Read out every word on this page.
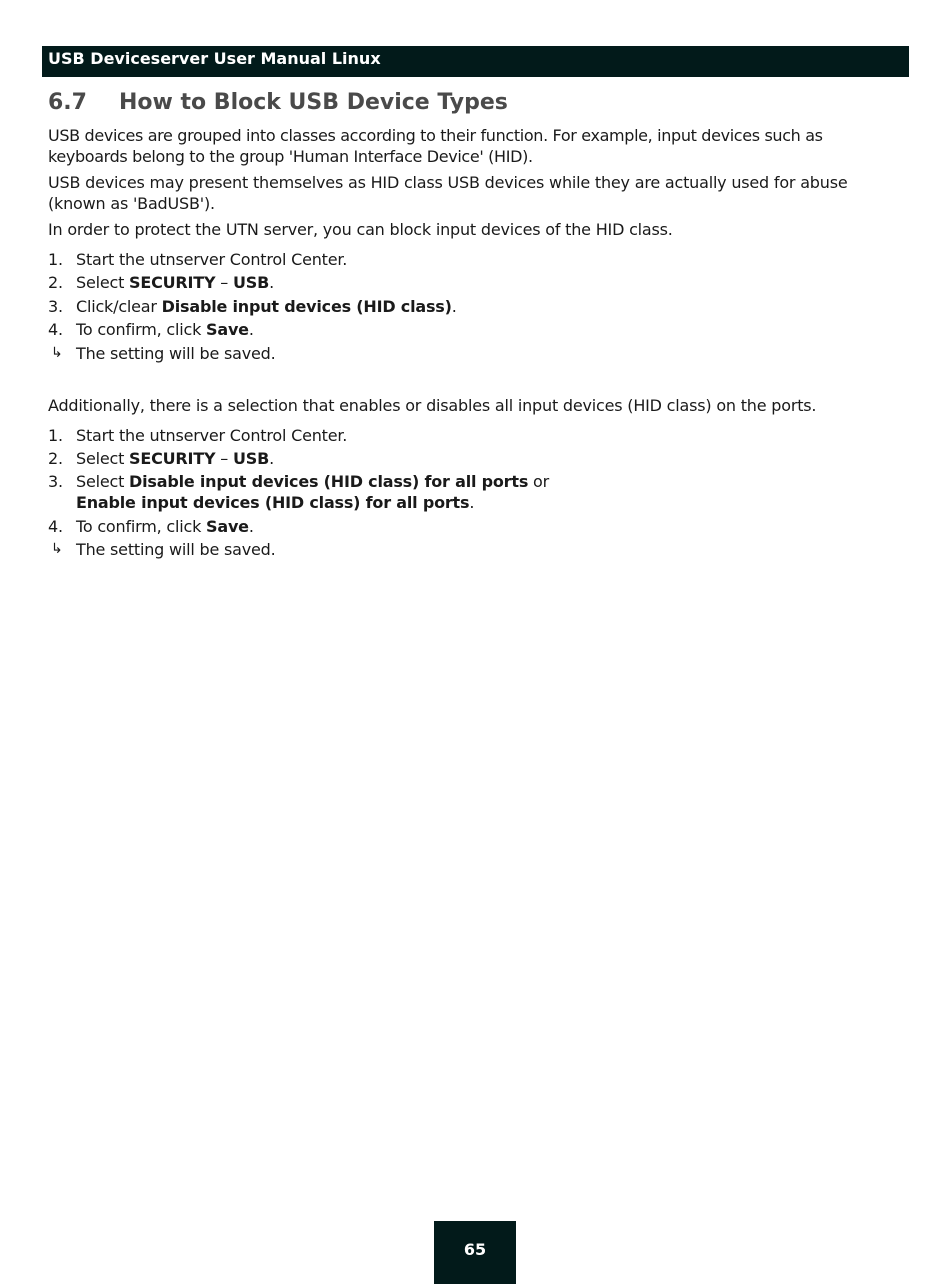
USB Deviceserver User Manual Linux
6.7	How to Block USB Device Types

USB devices are grouped into classes according to their function. For example, input devices such as keyboards belong to the group 'Human Interface Device' (HID).

USB devices may present themselves as HID class USB devices while they are actually used for abuse (known as 'BadUSB').

In order to protect the UTN server, you can block input devices of the HID class.

1. Start the utnserver Control Center.
2. Select SECURITY – USB.
3. Click/clear Disable input devices (HID class).
4. To confirm, click Save.
↳ The setting will be saved.

Additionally, there is a selection that enables or disables all input devices (HID class) on the ports.

1. Start the utnserver Control Center.
2. Select SECURITY – USB.
3. Select Disable input devices (HID class) for all ports or
Enable input devices (HID class) for all ports.
4. To confirm, click Save.
↳ The setting will be saved.
65
